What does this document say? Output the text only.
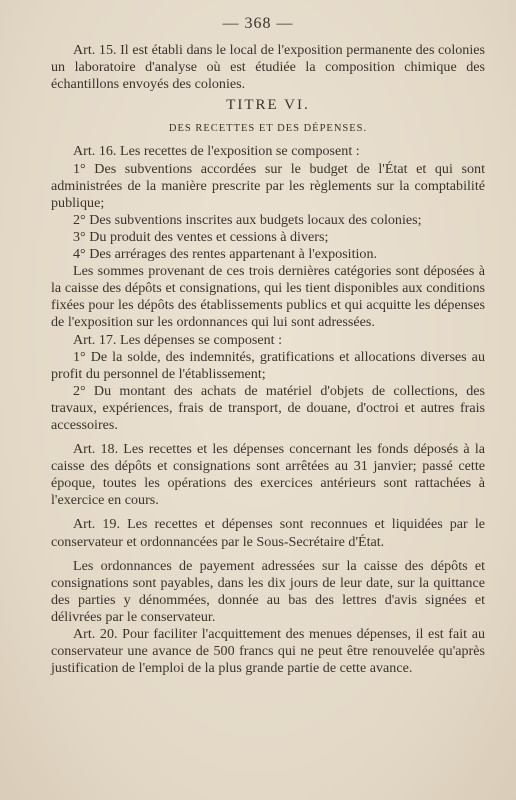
— 368 —

Art. 15. Il est établi dans le local de l'exposition permanente des colonies un laboratoire d'analyse où est étudiée la composition chimique des échantillons envoyés des colonies.

TITRE VI.

DES RECETTES ET DES DÉPENSES.

Art. 16. Les recettes de l'exposition se composent :

1° Des subventions accordées sur le budget de l'État et qui sont administrées de la manière prescrite par les règlements sur la comptabilité publique;

2° Des subventions inscrites aux budgets locaux des colonies;

3° Du produit des ventes et cessions à divers;

4° Des arrérages des rentes appartenant à l'exposition.

Les sommes provenant de ces trois dernières catégories sont déposées à la caisse des dépôts et consignations, qui les tient disponibles aux conditions fixées pour les dépôts des établissements publics et qui acquitte les dépenses de l'exposition sur les ordonnances qui lui sont adressées.

Art. 17. Les dépenses se composent :

1° De la solde, des indemnités, gratifications et allocations diverses au profit du personnel de l'établissement;

2° Du montant des achats de matériel d'objets de collections, des travaux, expériences, frais de transport, de douane, d'octroi et autres frais accessoires.

Art. 18. Les recettes et les dépenses concernant les fonds déposés à la caisse des dépôts et consignations sont arrêtées au 31 janvier; passé cette époque, toutes les opérations des exercices antérieurs sont rattachées à l'exercice en cours.

Art. 19. Les recettes et dépenses sont reconnues et liquidées par le conservateur et ordonnancées par le Sous-Secrétaire d'État.

Les ordonnances de payement adressées sur la caisse des dépôts et consignations sont payables, dans les dix jours de leur date, sur la quittance des parties y dénommées, donnée au bas des lettres d'avis signées et délivrées par le conservateur.

Art. 20. Pour faciliter l'acquittement des menues dépenses, il est fait au conservateur une avance de 500 francs qui ne peut être renouvelée qu'après justification de l'emploi de la plus grande partie de cette avance.
